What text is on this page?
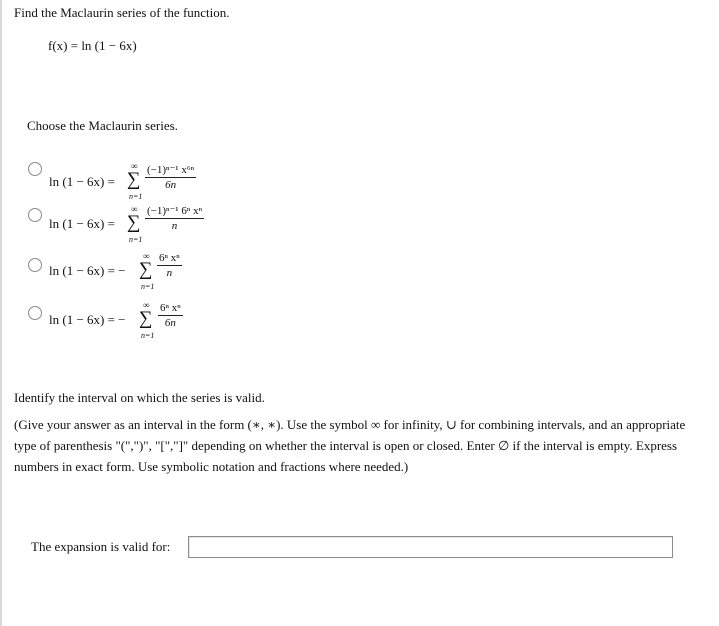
Find the Maclaurin series of the function.
f(x) = ln (1 − 6x)
Choose the Maclaurin series.
ln (1 − 6x) =
∞
∑
n=1
$\frac{\text{(−1)ⁿ⁻¹ x⁶ⁿ}}{6n}$
ln (1 − 6x) =
∞
∑
n=1
$\frac{\text{(−1)ⁿ⁻¹ 6ⁿ xⁿ}}{n}$
ln (1 − 6x) = −
∞
∑
n=1
$\frac{\text{6ⁿ xⁿ}}{n}$
ln (1 − 6x) = −
∞
∑
n=1
$\frac{\text{6ⁿ xⁿ}}{6n}$
Identify the interval on which the series is valid.
(Give your answer as an interval in the form (∗, ∗). Use the symbol ∞ for infinity, ∪ for combining intervals, and an appropriate type of parenthesis "(",")", "[","]" depending on whether the interval is open or closed. Enter ∅ if the interval is empty. Express numbers in exact form. Use symbolic notation and fractions where needed.)
The expansion is valid for:
